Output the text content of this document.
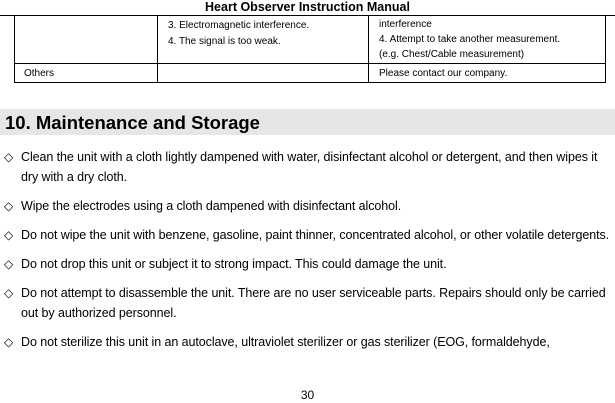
Heart Observer Instruction Manual

	3. Electromagnetic interference.
4. The signal is too weak.	interference
4. Attempt to take another measurement.
(e.g. Chest/Cable measurement)

Others		Please contact our company.
10. Maintenance and Storage
◇ Clean the unit with a cloth lightly dampened with water, disinfectant alcohol or detergent, and then wipes it dry with a dry cloth.
◇ Wipe the electrodes using a cloth dampened with disinfectant alcohol.
◇ Do not wipe the unit with benzene, gasoline, paint thinner, concentrated alcohol, or other volatile detergents.
◇ Do not drop this unit or subject it to strong impact. This could damage the unit.
◇ Do not attempt to disassemble the unit. There are no user serviceable parts. Repairs should only be carried out by authorized personnel.
◇ Do not sterilize this unit in an autoclave, ultraviolet sterilizer or gas sterilizer (EOG, formaldehyde,
30
